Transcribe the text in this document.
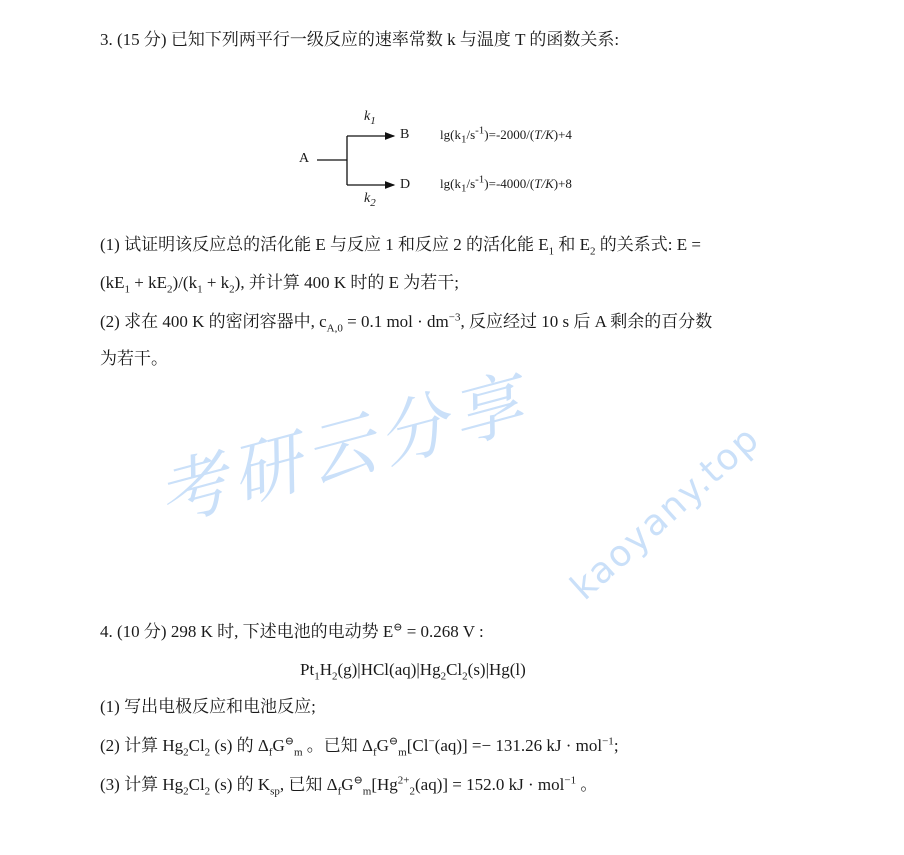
3. (15 分) 已知下列两平行一级反应的速率常数 k 与温度 T 的函数关系:
A
B
D
$k_1$
$k_2$
$\lg(k_1/s^{-1})=-2000/(T/K)+4$
$\lg(k_1/s^{-1})=-4000/(T/K)+8$
(1) 试证明该反应总的活化能 E 与反应 1 和反应 2 的活化能 $E_1$ 和 $E_2$ 的关系式: E =
$(kE_1 + kE_2)/(k_1 + k_2)$, 并计算 400 K 时的 E 为若干;
(2) 求在 400 K 的密闭容器中, $c_{A,0} = 0.1$ mol · $dm^{-3}$, 反应经过 10 s 后 A 剩余的百分数
为若干。
4. (10 分) 298 K 时, 下述电池的电动势 E⊖ = 0.268 V :
$Pt_1H_2(g)|HCl(aq)|Hg_2Cl_2(s)|Hg(l)$
(1) 写出电极反应和电池反应;
(2) 计算 $Hg_2Cl_2$ (s) 的 $\Delta_fG^⊖_m$ 。已知 $\Delta_fG^⊖_m[Cl^-(aq)] =- 131.26$ kJ · mol$^{-1}$;
(3) 计算 $Hg_2Cl_2$ (s) 的 $K_{sp}$, 已知 $\Delta_fG^⊖_m[Hg^{2+}_2(aq)] = 152.0$ kJ · mol$^{-1}$ 。
考研云分享 kaoyany.top
